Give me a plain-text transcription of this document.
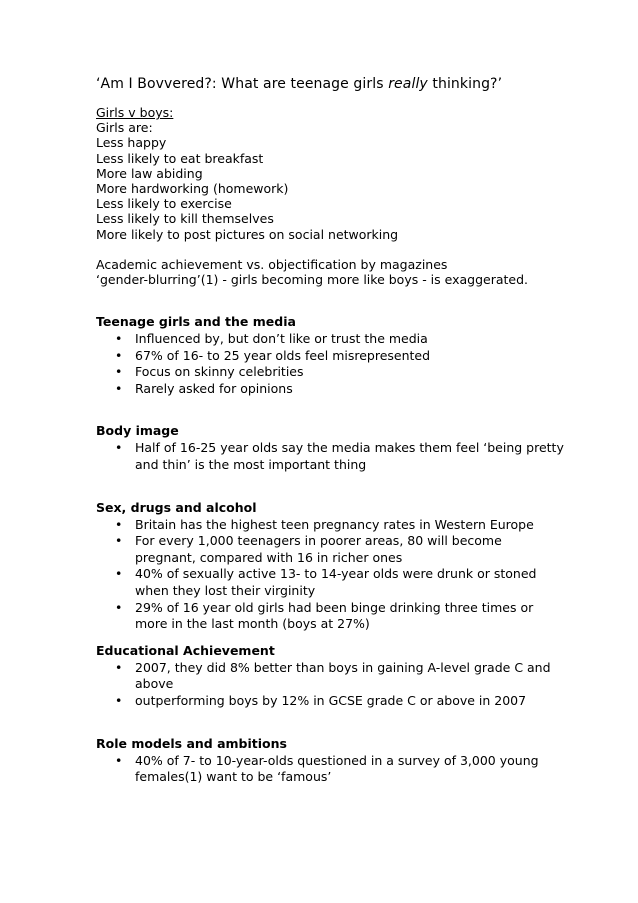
‘Am I Bovvered?: What are teenage girls really thinking?’
Girls v boys:
Girls are:
Less happy
Less likely to eat breakfast
More law abiding
More hardworking (homework)
Less likely to exercise
Less likely to kill themselves
More likely to post pictures on social networking
Academic achievement vs. objectification by magazines
‘gender-blurring’(1) - girls becoming more like boys - is exaggerated.
Teenage girls and the media
• Influenced by, but don’t like or trust the media
• 67% of 16- to 25 year olds feel misrepresented
• Focus on skinny celebrities
• Rarely asked for opinions
Body image
• Half of 16-25 year olds say the media makes them feel ‘being pretty and thin’ is the most important thing
Sex, drugs and alcohol
• Britain has the highest teen pregnancy rates in Western Europe
• For every 1,000 teenagers in poorer areas, 80 will become pregnant, compared with 16 in richer ones
• 40% of sexually active 13- to 14-year olds were drunk or stoned when they lost their virginity
• 29% of 16 year old girls had been binge drinking three times or more in the last month (boys at 27%)
Educational Achievement
• 2007, they did 8% better than boys in gaining A-level grade C and above
• outperforming boys by 12% in GCSE grade C or above in 2007
Role models and ambitions
• 40% of 7- to 10-year-olds questioned in a survey of 3,000 young females(1) want to be ‘famous’
